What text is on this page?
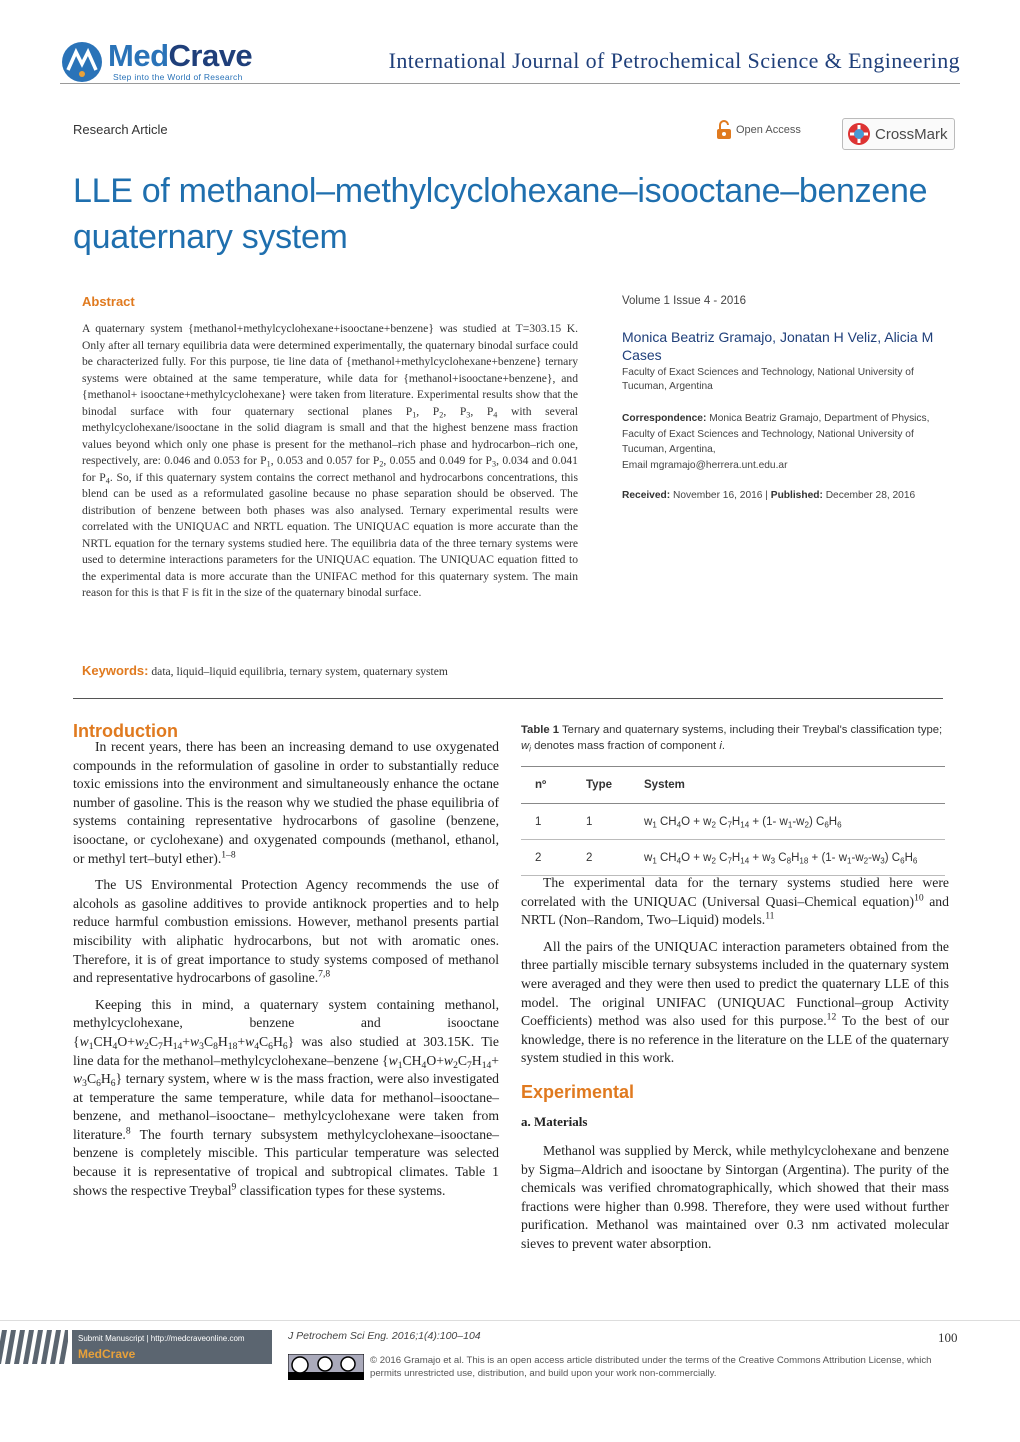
MedCrave
Step into the World of Research
International Journal of Petrochemical Science & Engineering
Research Article	Open Access	CrossMark
LLE of methanol–methylcyclohexane–isooctane–benzene quaternary system
Abstract
A quaternary system {methanol+methylcyclohexane+isooctane+benzene} was studied at T=303.15 K. Only after all ternary equilibria data were determined experimentally, the quaternary binodal surface could be characterized fully. For this purpose, tie line data of {methanol+methylcyclohexane+benzene} ternary systems were obtained at the same temperature, while data for {methanol+isooctane+benzene}, and {methanol+ isooctane+methylcyclohexane} were taken from literature. Experimental results show that the binodal surface with four quaternary sectional planes $P_1$, $P_2$, $P_3$, $P_4$ with several methylcyclohexane/isooctane in the solid diagram is small and that the highest benzene mass fraction values beyond which only one phase is present for the methanol–rich phase and hydrocarbon–rich one, respectively, are: 0.046 and 0.053 for $P_1$, 0.053 and 0.057 for $P_2$, 0.055 and 0.049 for $P_3$, 0.034 and 0.041 for $P_4$. So, if this quaternary system contains the correct methanol and hydrocarbons concentrations, this blend can be used as a reformulated gasoline because no phase separation should be observed. The distribution of benzene between both phases was also analysed. Ternary experimental results were correlated with the UNIQUAC and NRTL equation. The UNIQUAC equation is more accurate than the NRTL equation for the ternary systems studied here. The equilibria data of the three ternary systems were used to determine interactions parameters for the UNIQUAC equation. The UNIQUAC equation fitted to the experimental data is more accurate than the UNIFAC method for this quaternary system. The main reason for this is that F is fit in the size of the quaternary binodal surface.
Keywords: data, liquid–liquid equilibria, ternary system, quaternary system
Volume 1 Issue 4 - 2016
Monica Beatriz Gramajo, Jonatan H Veliz, Alicia M Cases
Faculty of Exact Sciences and Technology, National University of Tucuman, Argentina
Correspondence: Monica Beatriz Gramajo, Department of Physics, Faculty of Exact Sciences and Technology, National University of Tucuman, Argentina,
Email mgramajo@herrera.unt.edu.ar
Received: November 16, 2016 | Published: December 28, 2016
Introduction

In recent years, there has been an increasing demand to use oxygenated compounds in the reformulation of gasoline in order to substantially reduce toxic emissions into the environment and simultaneously enhance the octane number of gasoline. This is the reason why we studied the phase equilibria of systems containing representative hydrocarbons of gasoline (benzene, isooctane, or cyclohexane) and oxygenated compounds (methanol, ethanol, or methyl tert–butyl ether).$^{1-8}$

The US Environmental Protection Agency recommends the use of alcohols as gasoline additives to provide antiknock properties and to help reduce harmful combustion emissions. However, methanol presents partial miscibility with aliphatic hydrocarbons, but not with aromatic ones. Therefore, it is of great importance to study systems composed of methanol and representative hydrocarbons of gasoline.$^{7,8}$

Keeping this in mind, a quaternary system containing methanol, methylcyclohexane, benzene and isooctane $\{w_1CH_4O+w_2C_7H_{14}+w_3C_8H_{18}+w_4C_6H_6\}$ was also studied at 303.15K. Tie line data for the methanol–methylcyclohexane–benzene $\{w_1CH_4O+w_2C_7H_{14}+ w_3C_6H_6\}$ ternary system, where w is the mass fraction, were also investigated at temperature the same temperature, while data for methanol–isooctane–benzene, and methanol–isooctane– methylcyclohexane were taken from literature.$^8$ The fourth ternary subsystem methylcyclohexane–isooctane–benzene is completely miscible. This particular temperature was selected because it is representative of tropical and subtropical climates. Table 1 shows the respective Treybal$^9$ classification types for these systems.

Table 1 Ternary and quaternary systems, including their Treybal's classification type; $w_i$ denotes mass fraction of component i.
nº	Type	System
1	1	$w_1$ $CH_4O + w_2$ $C_7H_{14} + (1-$ $w_1-w_2$) $C_6H_6$
2	2	$w_1$ $CH_4O + w_2$ $C_7H_{14} + w_3$ $C_8H_{18} + (1-$ $w_1-w_2-w_3$) $C_6H_6$

The experimental data for the ternary systems studied here were correlated with the UNIQUAC (Universal Quasi–Chemical equation)$^{10}$ and NRTL (Non–Random, Two–Liquid) models.$^{11}$

All the pairs of the UNIQUAC interaction parameters obtained from the three partially miscible ternary subsystems included in the quaternary system were averaged and they were then used to predict the quaternary LLE of this model. The original UNIFAC (UNIQUAC Functional–group Activity Coefficients) method was also used for this purpose.$^{12}$ To the best of our knowledge, there is no reference in the literature on the LLE of the quaternary system studied in this work.

Experimental
a. Materials

Methanol was supplied by Merck, while methylcyclohexane and benzene by Sigma–Aldrich and isooctane by Sintorgan (Argentina). The purity of the chemicals was verified chromatographically, which showed that their mass fractions were higher than 0.998. Therefore, they were used without further purification. Methanol was maintained over 0.3 nm activated molecular sieves to prevent water absorption.

Submit Manuscript | http://medcraveonline.com
MedCrave
J Petrochem Sci Eng. 2016;1(4):100–104	100
© 2016 Gramajo et al. This is an open access article distributed under the terms of the Creative Commons Attribution License, which permits unrestricted use, distribution, and build upon your work non-commercially.
